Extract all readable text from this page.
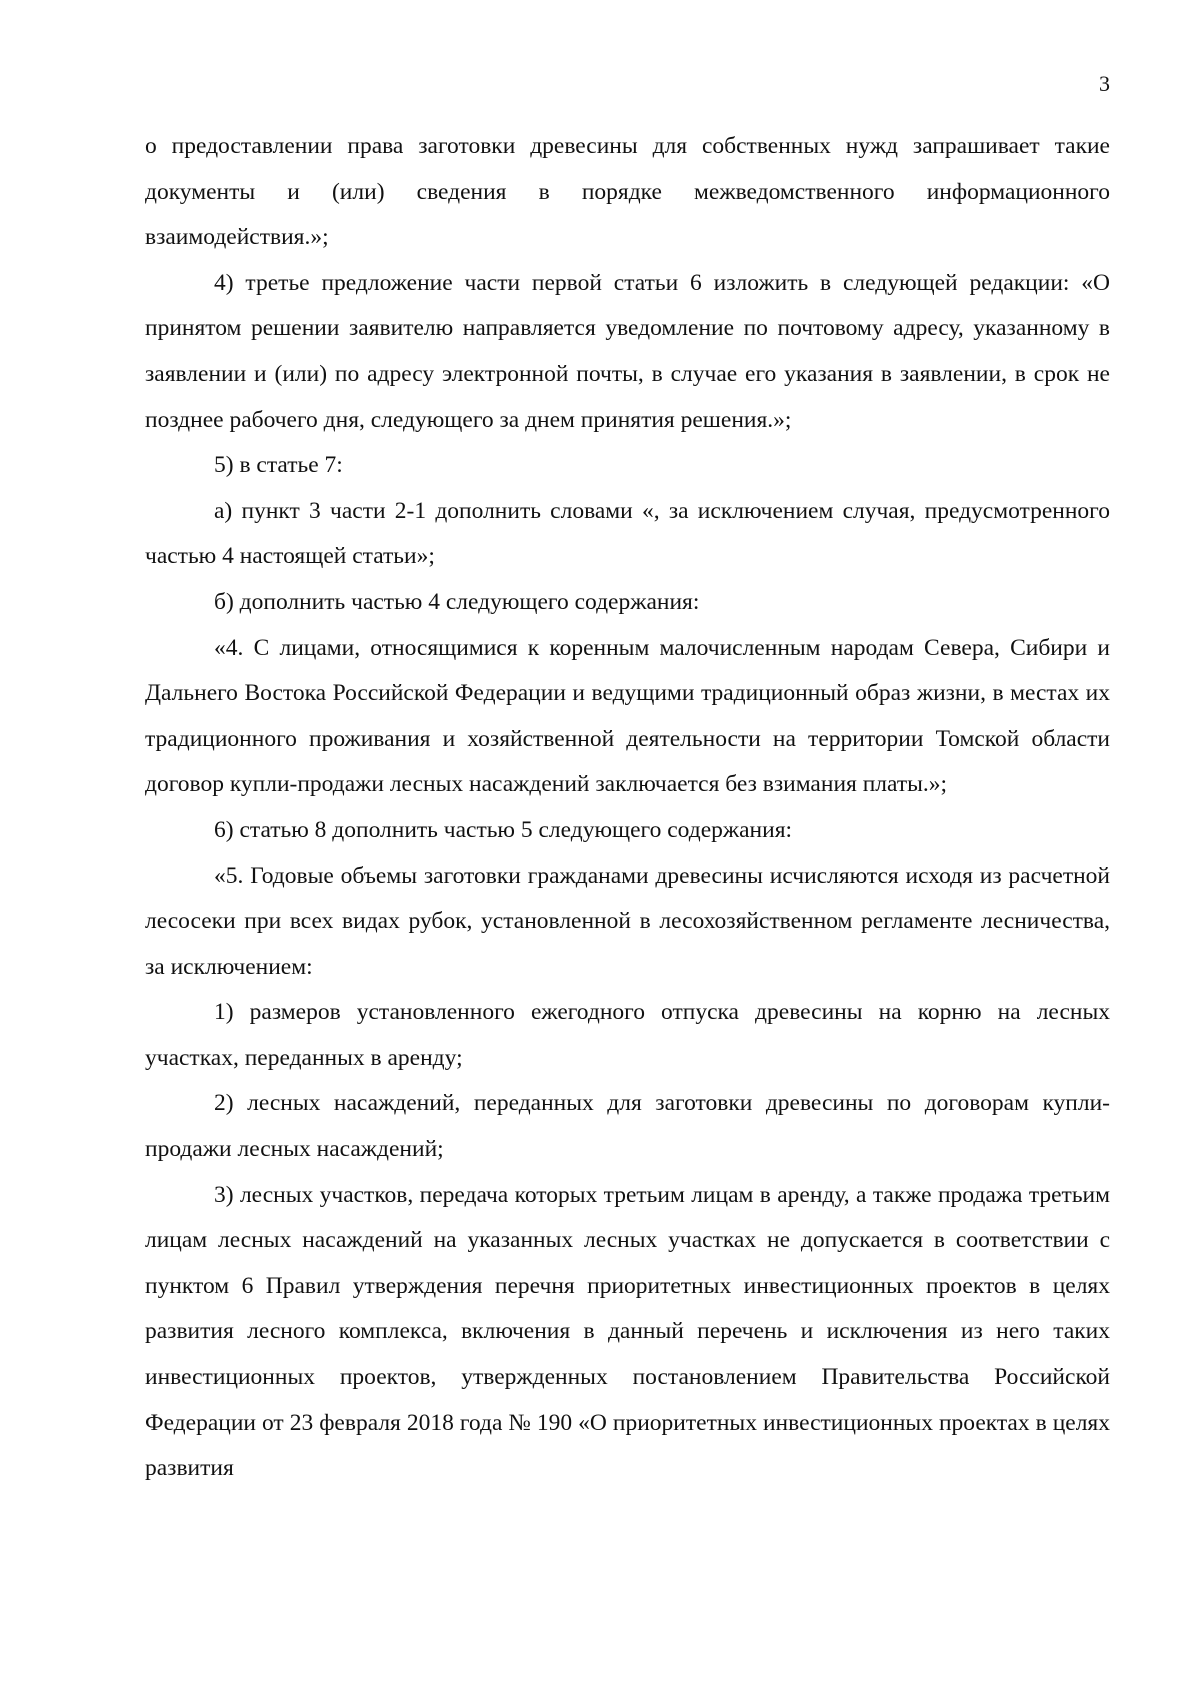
3

о предоставлении права заготовки древесины для собственных нужд запрашивает такие документы и (или) сведения в порядке межведомственного информационного взаимодействия.»;

4) третье предложение части первой статьи 6 изложить в следующей редакции: «О принятом решении заявителю направляется уведомление по почтовому адресу, указанному в заявлении и (или) по адресу электронной почты, в случае его указания в заявлении, в срок не позднее рабочего дня, следующего за днем принятия решения.»;

5) в статье 7:

а) пункт 3 части 2-1 дополнить словами «, за исключением случая, предусмотренного частью 4 настоящей статьи»;

б) дополнить частью 4 следующего содержания:

«4. С лицами, относящимися к коренным малочисленным народам Севера, Сибири и Дальнего Востока Российской Федерации и ведущими традиционный образ жизни, в местах их традиционного проживания и хозяйственной деятельности на территории Томской области договор купли-продажи лесных насаждений заключается без взимания платы.»;

6) статью 8 дополнить частью 5 следующего содержания:

«5. Годовые объемы заготовки гражданами древесины исчисляются исходя из расчетной лесосеки при всех видах рубок, установленной в лесохозяйственном регламенте лесничества, за исключением:

1) размеров установленного ежегодного отпуска древесины на корню на лесных участках, переданных в аренду;

2) лесных насаждений, переданных для заготовки древесины по договорам купли-продажи лесных насаждений;

3) лесных участков, передача которых третьим лицам в аренду, а также продажа третьим лицам лесных насаждений на указанных лесных участках не допускается в соответствии с пунктом 6 Правил утверждения перечня приоритетных инвестиционных проектов в целях развития лесного комплекса, включения в данный перечень и исключения из него таких инвестиционных проектов, утвержденных постановлением Правительства Российской Федерации от 23 февраля 2018 года № 190 «О приоритетных инвестиционных проектах в целях развития
